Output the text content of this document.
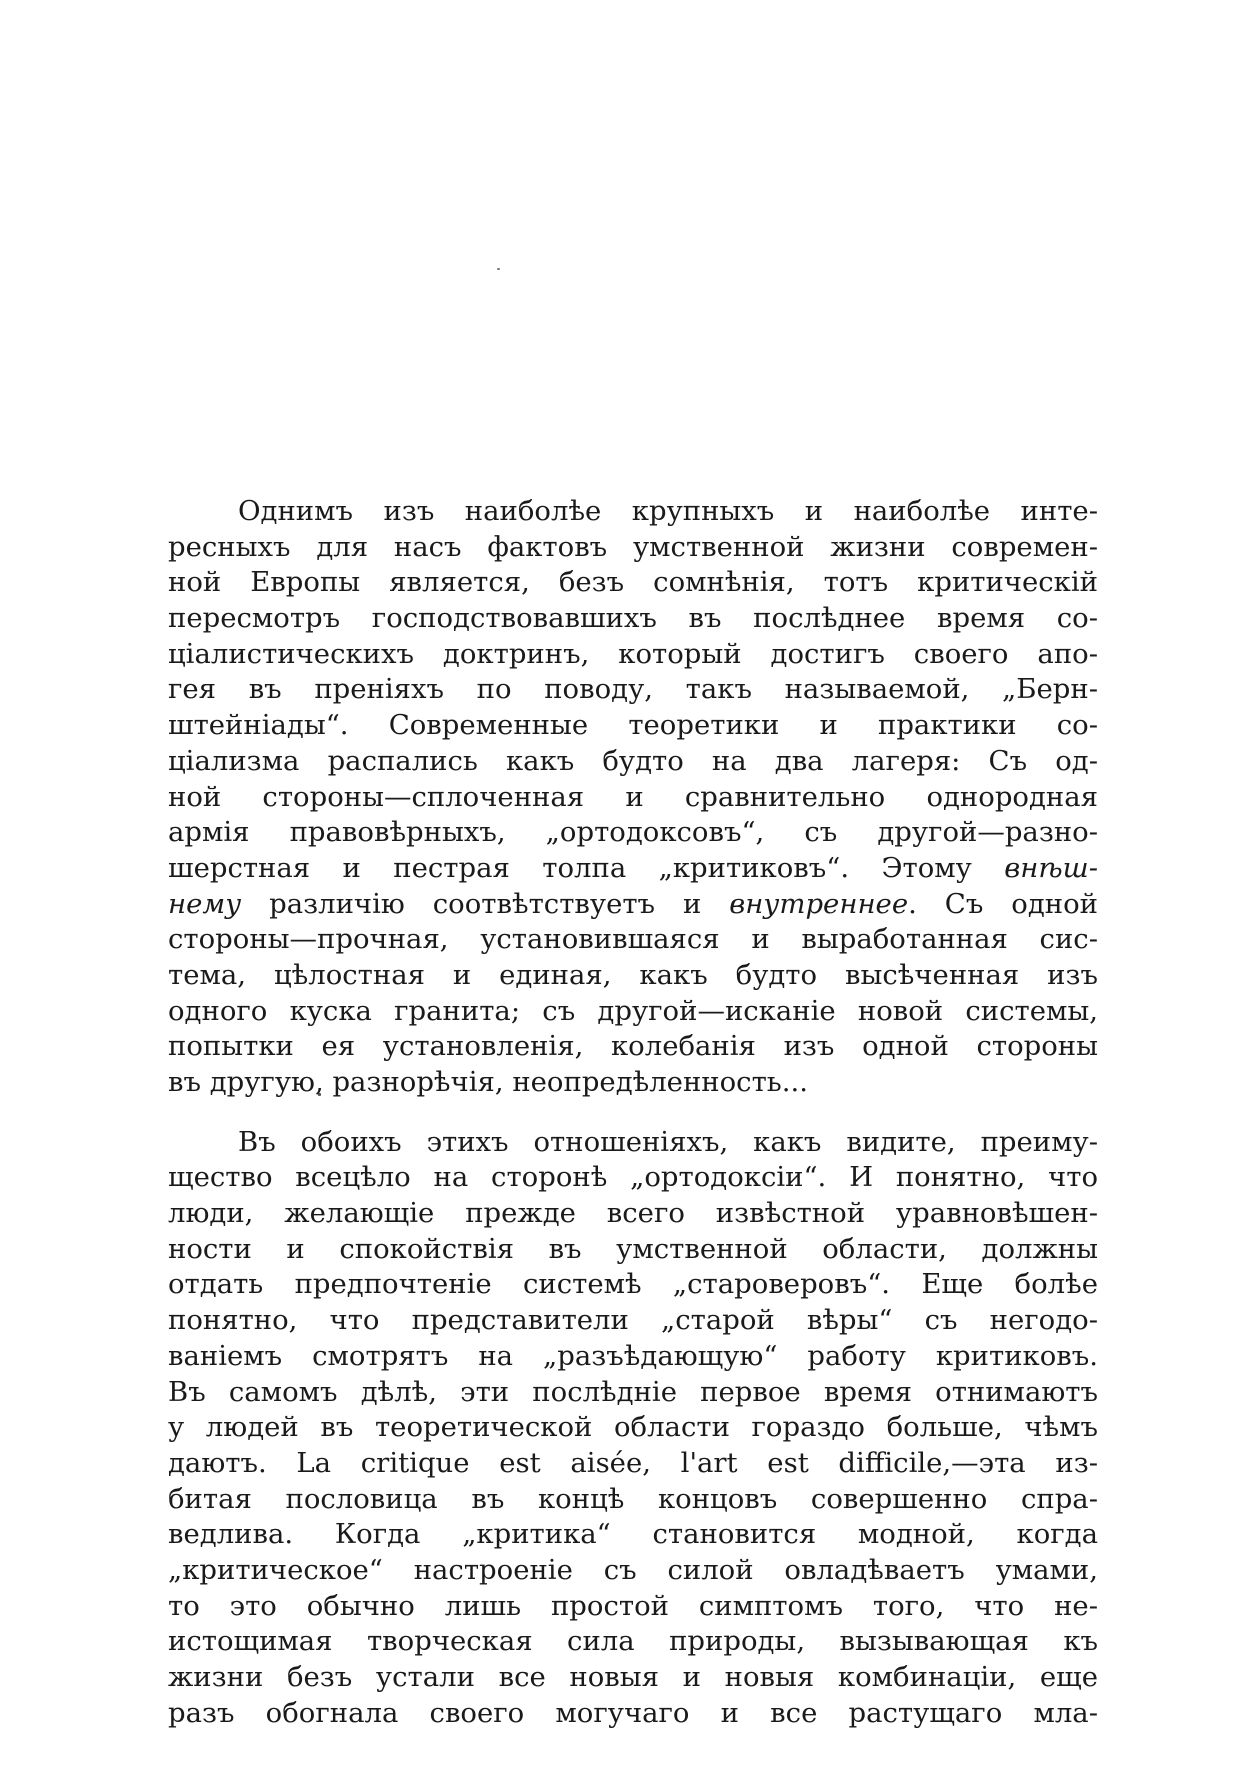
Однимъ изъ наиболѣе крупныхъ и наиболѣе инте-
ресныхъ для насъ фактовъ умственной жизни современ-
ной Европы является, безъ сомнѣнія, тотъ критическій
пересмотръ господствовавшихъ въ послѣднее время со-
ціалистическихъ доктринъ, который достигъ своего апо-
гея въ преніяхъ по поводу, такъ называемой, „Берн-
штейніады“. Современные теоретики и практики со-
ціализма распались какъ будто на два лагеря: Съ од-
ной стороны—сплоченная и сравнительно однородная
армія правовѣрныхъ, „ортодоксовъ“, съ другой—разно-
шерстная и пестрая толпа „критиковъ“. Этому внѣш-
нему различію соотвѣтствуетъ и внутреннее. Съ одной
стороны—прочная, установившаяся и выработанная сис-
тема, цѣлостная и единая, какъ будто высѣченная изъ
одного куска гранита; съ другой—исканіе новой системы,
попытки ея установленія, колебанія изъ одной стороны
въ другую, разнорѣчія, неопредѣленность...
Въ обоихъ этихъ отношеніяхъ, какъ видите, преиму-
щество всецѣло на сторонѣ „ортодоксіи“. И понятно, что
люди, желающіе прежде всего извѣстной уравновѣшен-
ности и спокойствія въ умственной области, должны
отдать предпочтеніе системѣ „староверовъ“. Еще болѣе
понятно, что представители „старой вѣры“ съ негодо-
ваніемъ смотрятъ на „разъѣдающую“ работу критиковъ.
Въ самомъ дѣлѣ, эти послѣдніе первое время отнимаютъ
у людей въ теоретической области гораздо больше, чѣмъ
даютъ. La critique est aisée, l'art est difficile,—эта из-
битая пословица въ концѣ концовъ совершенно спра-
ведлива. Когда „критика“ становится модной, когда
„критическое“ настроеніе съ силой овладѣваетъ умами,
то это обычно лишь простой симптомъ того, что не-
истощимая творческая сила природы, вызывающая къ
жизни безъ устали все новыя и новыя комбинаціи, еще
разъ обогнала своего могучаго и все растущаго мла-
